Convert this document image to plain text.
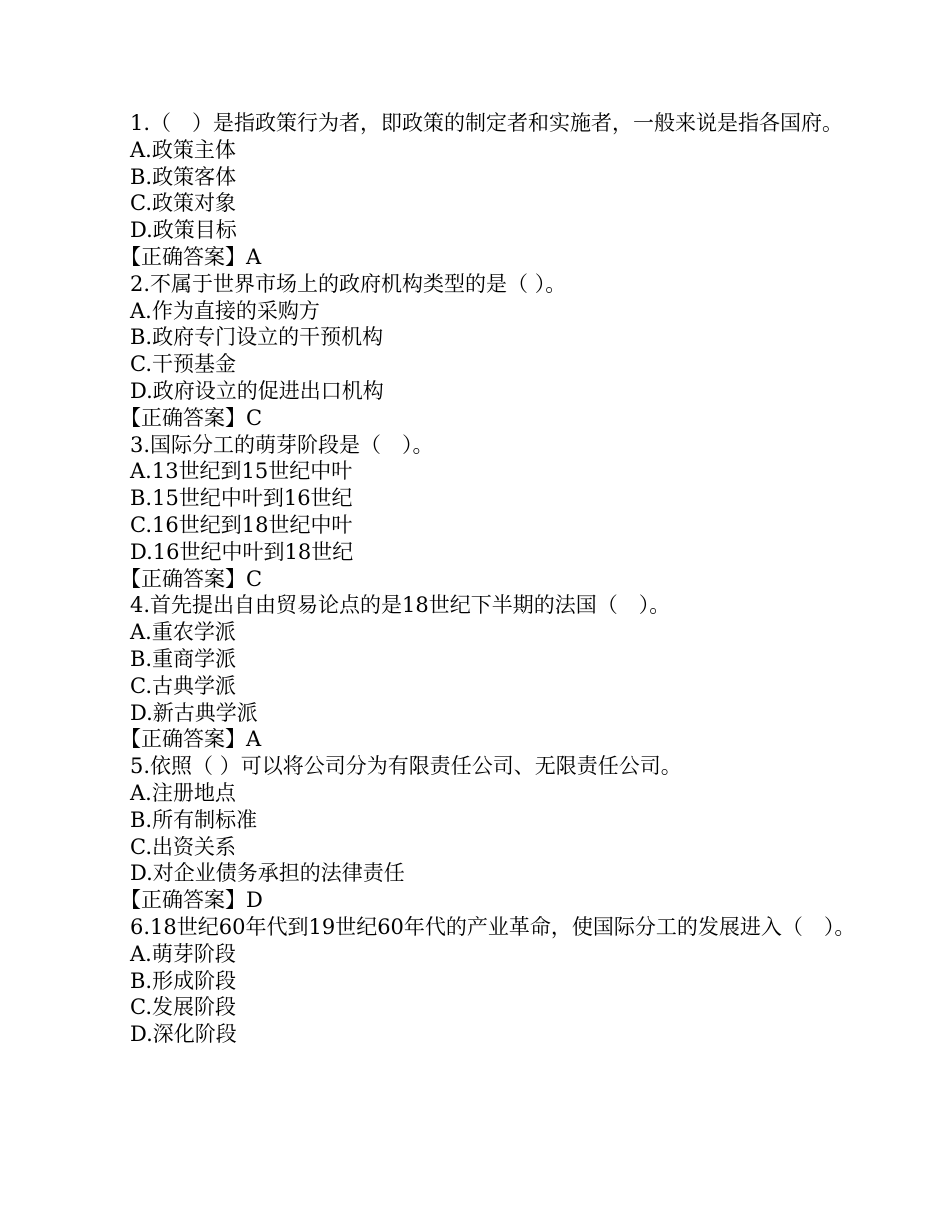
1.（　）是指政策行为者，即政策的制定者和实施者，一般来说是指各国府。
A.政策主体
B.政策客体
C.政策对象
D.政策目标
【正确答案】A
2.不属于世界市场上的政府机构类型的是（ ）。
A.作为直接的采购方
B.政府专门设立的干预机构
C.干预基金
D.政府设立的促进出口机构
【正确答案】C
3.国际分工的萌芽阶段是（　）。
A.13世纪到15世纪中叶
B.15世纪中叶到16世纪
C.16世纪到18世纪中叶
D.16世纪中叶到18世纪
【正确答案】C
4.首先提出自由贸易论点的是18世纪下半期的法国（　）。
A.重农学派
B.重商学派
C.古典学派
D.新古典学派
【正确答案】A
5.依照（ ）可以将公司分为有限责任公司、无限责任公司。
A.注册地点
B.所有制标准
C.出资关系
D.对企业债务承担的法律责任
【正确答案】D
6.18世纪60年代到19世纪60年代的产业革命，使国际分工的发展进入（　）。
A.萌芽阶段
B.形成阶段
C.发展阶段
D.深化阶段
